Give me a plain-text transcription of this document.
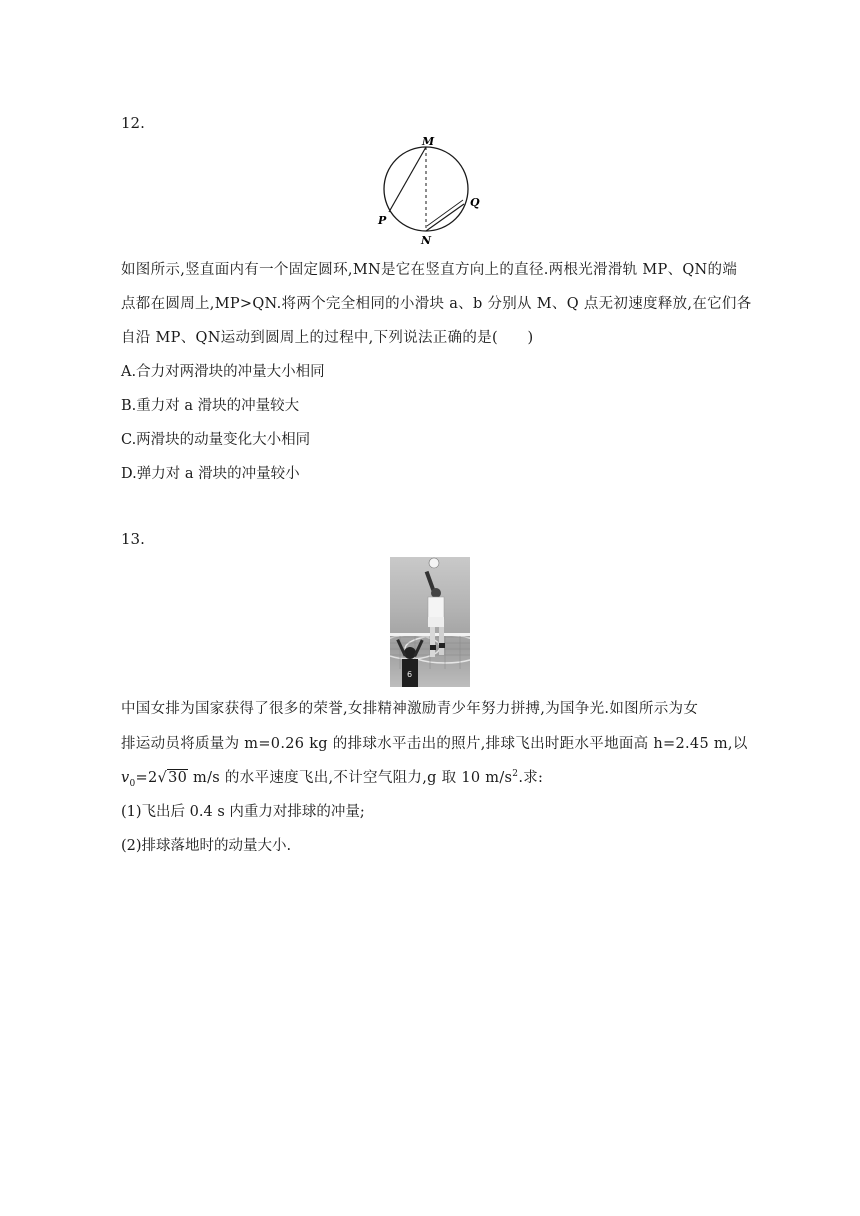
12.
M
P
Q
N
如图所示,竖直面内有一个固定圆环,MN是它在竖直方向上的直径.两根光滑滑轨 MP、QN的端
点都在圆周上,MP>QN.将两个完全相同的小滑块 a、b 分别从 M、Q 点无初速度释放,在它们各
自沿 MP、QN运动到圆周上的过程中,下列说法正确的是(　　)
A.合力对两滑块的冲量大小相同
B.重力对 a 滑块的冲量较大
C.两滑块的动量变化大小相同
D.弹力对 a 滑块的冲量较小
13.
6
中国女排为国家获得了很多的荣誉,女排精神激励青少年努力拼搏,为国争光.如图所示为女
排运动员将质量为 m=0.26 kg 的排球水平击出的照片,排球飞出时距水平地面高 h=2.45 m,以
$v_0=2√30$ m/s 的水平速度飞出,不计空气阻力,g 取 10 $m/s^2$.求:
(1)飞出后 0.4 s 内重力对排球的冲量;
(2)排球落地时的动量大小.
